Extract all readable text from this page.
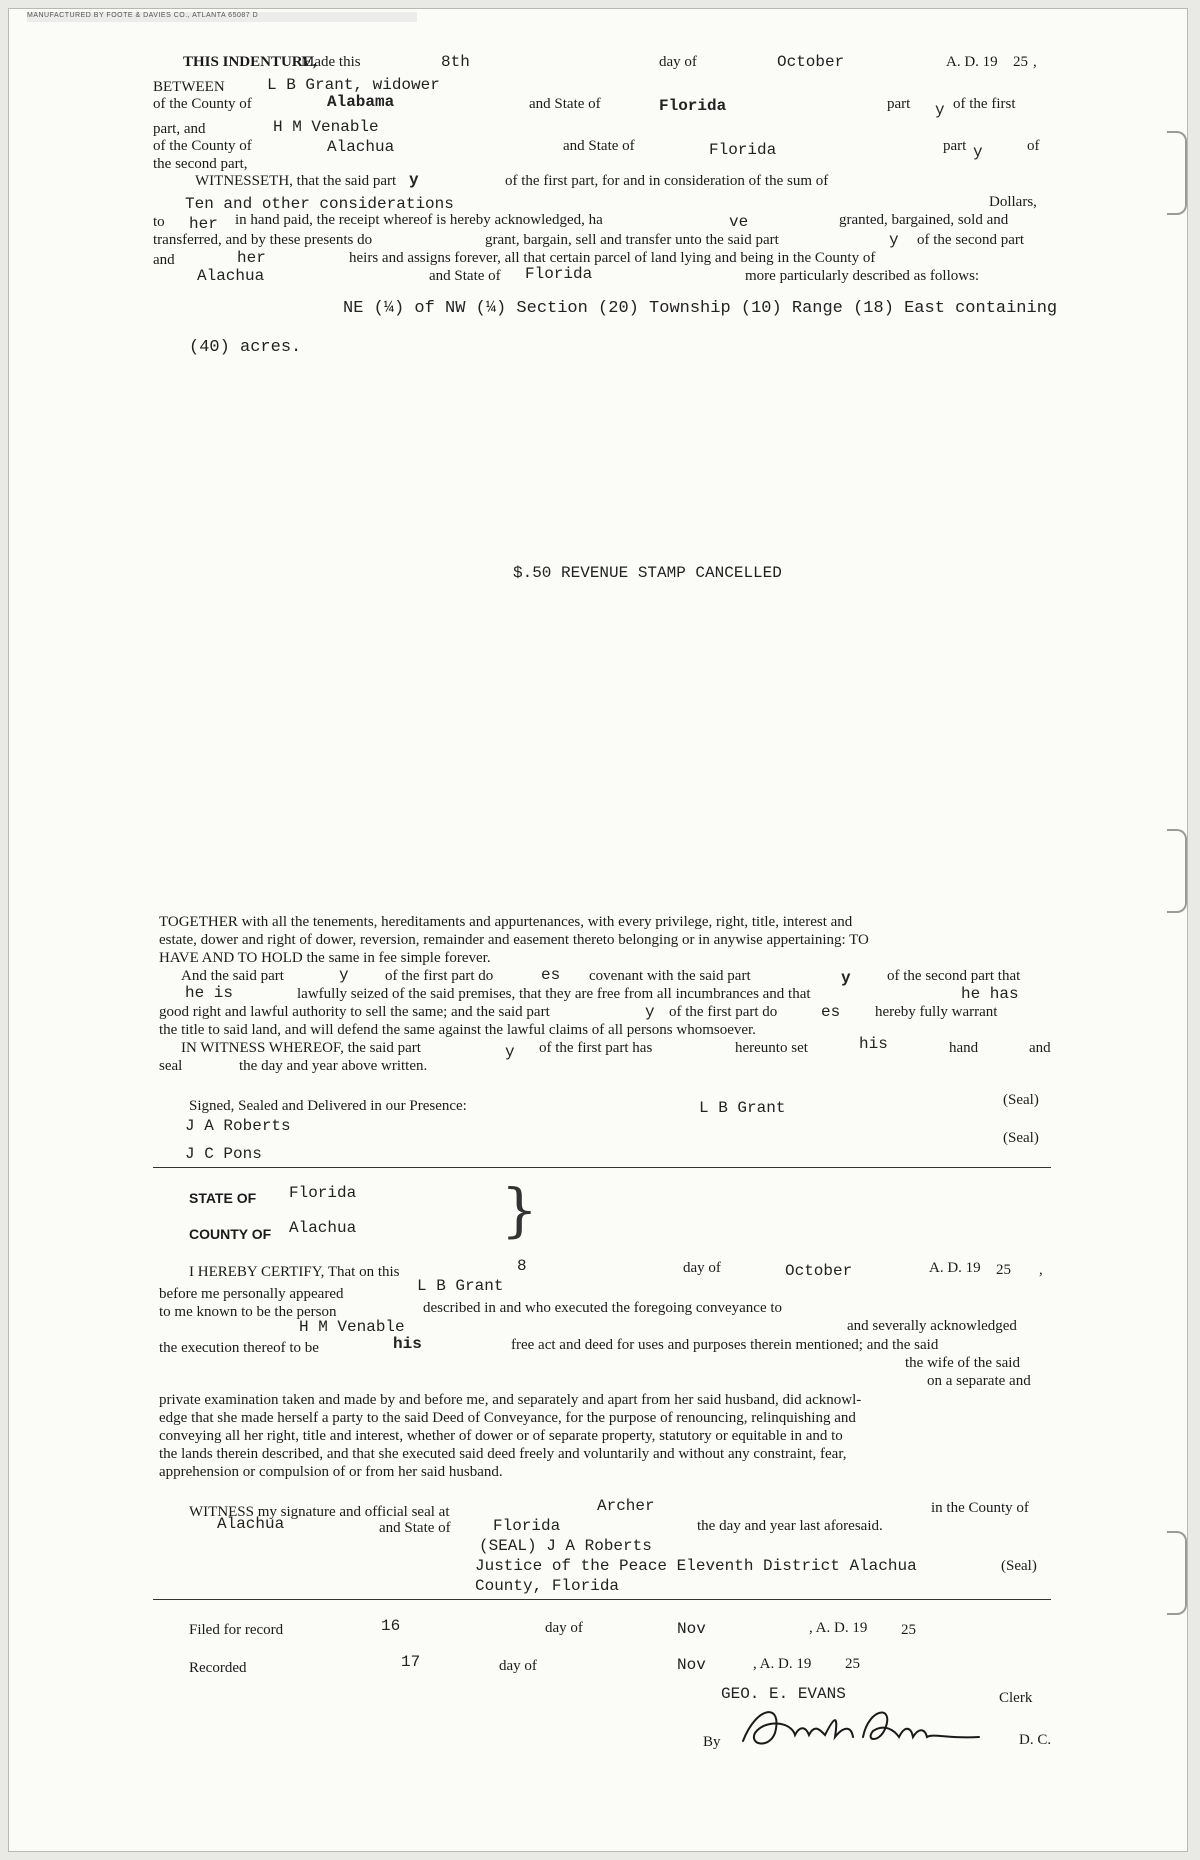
MANUFACTURED BY FOOTE & DAVIES CO., ATLANTA 65087 D
THIS INDENTURE,
Made this	8th	day of	October	A. D. 19 25 ,
BETWEEN	L B Grant, widower
of the County of	Alabama	and State of	Florida	part y of the first
part, and	H M Venable
of the County of	Alachua	and State of	Florida	part y	of
the second part,
WITNESSETH, that the said part y	of the first part, for and in consideration of the sum of
Ten and other considerations	Dollars,
to her in hand paid, the receipt whereof is hereby acknowledged, ha	ve	granted, bargained, sold and
transferred, and by these presents do	grant, bargain, sell and transfer unto the said part	y of the second part
and	her	heirs and assigns forever, all that certain parcel of land lying and being in the County of
Alachua	and State of Florida	more particularly described as follows:
NE (¼) of NW (¼) Section (20) Township (10) Range (18) East containing
(40) acres.
$.50 REVENUE STAMP CANCELLED
TOGETHER with all the tenements, hereditaments and appurtenances, with every privilege, right, title, interest and
estate, dower and right of dower, reversion, remainder and easement thereto belonging or in anywise appertaining: TO
HAVE AND TO HOLD the same in fee simple forever.
And the said part	y of the first part do	es covenant with the said part	y of the second part that
he is	lawfully seized of the said premises, that they are free from all incumbrances and that	he has
good right and lawful authority to sell the same; and the said part	y of the first part do	es hereby fully warrant
the title to said land, and will defend the same against the lawful claims of all persons whomsoever.
IN WITNESS WHEREOF, the said part	y of the first part has	hereunto set	his	hand	and
seal	the day and year above written.
Signed, Sealed and Delivered in our Presence:	L B Grant	(Seal)
J A Roberts
(Seal)
J C Pons
STATE OF Florida
COUNTY OF Alachua }
I HEREBY CERTIFY, That on this	8	day of	October	A. D. 19 25 ,
before me personally appeared	L B Grant
to me known to be the person	described in and who executed the foregoing conveyance to
H M Venable	and severally acknowledged
the execution thereof to be	his	free act and deed for uses and purposes therein mentioned; and the said
the wife of the said
on a separate and
private examination taken and made by and before me, and separately and apart from her said husband, did acknowl-
edge that she made herself a party to the said Deed of Conveyance, for the purpose of renouncing, relinquishing and
conveying all her right, title and interest, whether of dower or of separate property, statutory or equitable in and to
the lands therein described, and that she executed said deed freely and voluntarily and without any constraint, fear,
apprehension or compulsion of or from her said husband.
WITNESS my signature and official seal at	Archer	in the County of
Alachua	and State of	Florida	the day and year last aforesaid.
(SEAL) J A Roberts
Justice of the Peace Eleventh District Alachua	(Seal)
County, Florida
Filed for record	16	day of	Nov	, A. D. 19 25
Recorded	17	day of	Nov	, A. D. 19 25
GEO. E. EVANS	Clerk
By	D. C.
